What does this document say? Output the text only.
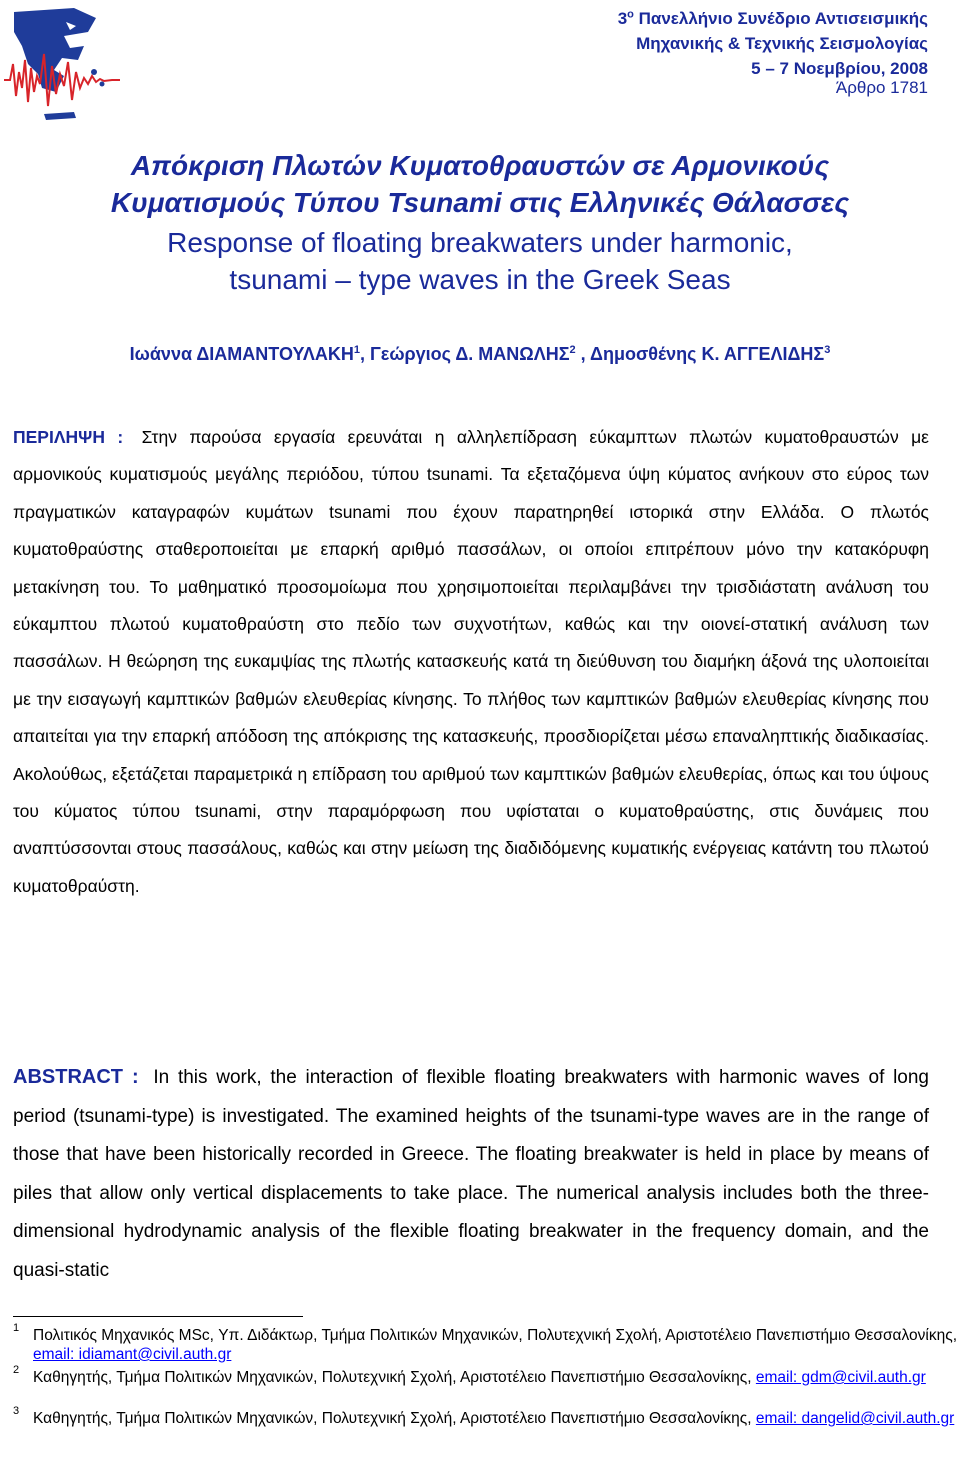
3$^o$ Πανελλήνιο Συνέδριο Αντισεισμικής
Μηχανικής & Τεχνικής Σεισμολογίας
5 – 7 Νοεμβρίου, 2008
Άρθρο 1781
Απόκριση Πλωτών Κυματοθραυστών σε Αρμονικούς
Κυματισμούς Τύπου Tsunami στις Ελληνικές Θάλασσες
Response of floating breakwaters under harmonic,
tsunami – type waves in the Greek Seas
Ιωάννα ΔΙΑΜΑΝΤΟΥΛΑΚΗ$^1$, Γεώργιος Δ. ΜΑΝΩΛΗΣ$^2$ , Δημοσθένης Κ. ΑΓΓΕΛΙΔΗΣ$^3$
ΠΕΡΙΛΗΨΗ : Στην παρούσα εργασία ερευνάται η αλληλεπίδραση εύκαμπτων πλωτών κυματοθραυστών με αρμονικούς κυματισμούς μεγάλης περιόδου, τύπου tsunami. Τα εξεταζόμενα ύψη κύματος ανήκουν στο εύρος των πραγματικών καταγραφών κυμάτων tsunami που έχουν παρατηρηθεί ιστορικά στην Ελλάδα. Ο πλωτός κυματοθραύστης σταθεροποιείται με επαρκή αριθμό πασσάλων, οι οποίοι επιτρέπουν μόνο την κατακόρυφη μετακίνηση του. Το μαθηματικό προσομοίωμα που χρησιμοποιείται περιλαμβάνει την τρισδιάστατη ανάλυση του εύκαμπτου πλωτού κυματοθραύστη στο πεδίο των συχνοτήτων, καθώς και την οιονεί-στατική ανάλυση των πασσάλων. Η θεώρηση της ευκαμψίας της πλωτής κατασκευής κατά τη διεύθυνση του διαμήκη άξονά της υλοποιείται με την εισαγωγή καμπτικών βαθμών ελευθερίας κίνησης. Το πλήθος των καμπτικών βαθμών ελευθερίας κίνησης που απαιτείται για την επαρκή απόδοση της απόκρισης της κατασκευής, προσδιορίζεται μέσω επαναληπτικής διαδικασίας. Ακολούθως, εξετάζεται παραμετρικά η επίδραση του αριθμού των καμπτικών βαθμών ελευθερίας, όπως και του ύψους του κύματος τύπου tsunami, στην παραμόρφωση που υφίσταται ο κυματοθραύστης, στις δυνάμεις που αναπτύσσονται στους πασσάλους, καθώς και στην μείωση της διαδιδόμενης κυματικής ενέργειας κατάντη του πλωτού κυματοθραύστη.
ABSTRACT : In this work, the interaction of flexible floating breakwaters with harmonic waves of long period (tsunami-type) is investigated. The examined heights of the tsunami-type waves are in the range of those that have been historically recorded in Greece. The floating breakwater is held in place by means of piles that allow only vertical displacements to take place. The numerical analysis includes both the three-dimensional hydrodynamic analysis of the flexible floating breakwater in the frequency domain, and the quasi-static
1 Πολιτικός Μηχανικός MSc, Υπ. Διδάκτωρ, Τμήμα Πολιτικών Μηχανικών, Πολυτεχνική Σχολή, Αριστοτέλειο Πανεπιστήμιο Θεσσαλονίκης, email: idiamant@civil.auth.gr
2 Καθηγητής, Τμήμα Πολιτικών Μηχανικών, Πολυτεχνική Σχολή, Αριστοτέλειο Πανεπιστήμιο Θεσσαλονίκης, email: gdm@civil.auth.gr
3 Καθηγητής, Τμήμα Πολιτικών Μηχανικών, Πολυτεχνική Σχολή, Αριστοτέλειο Πανεπιστήμιο Θεσσαλονίκης, email: dangelid@civil.auth.gr
